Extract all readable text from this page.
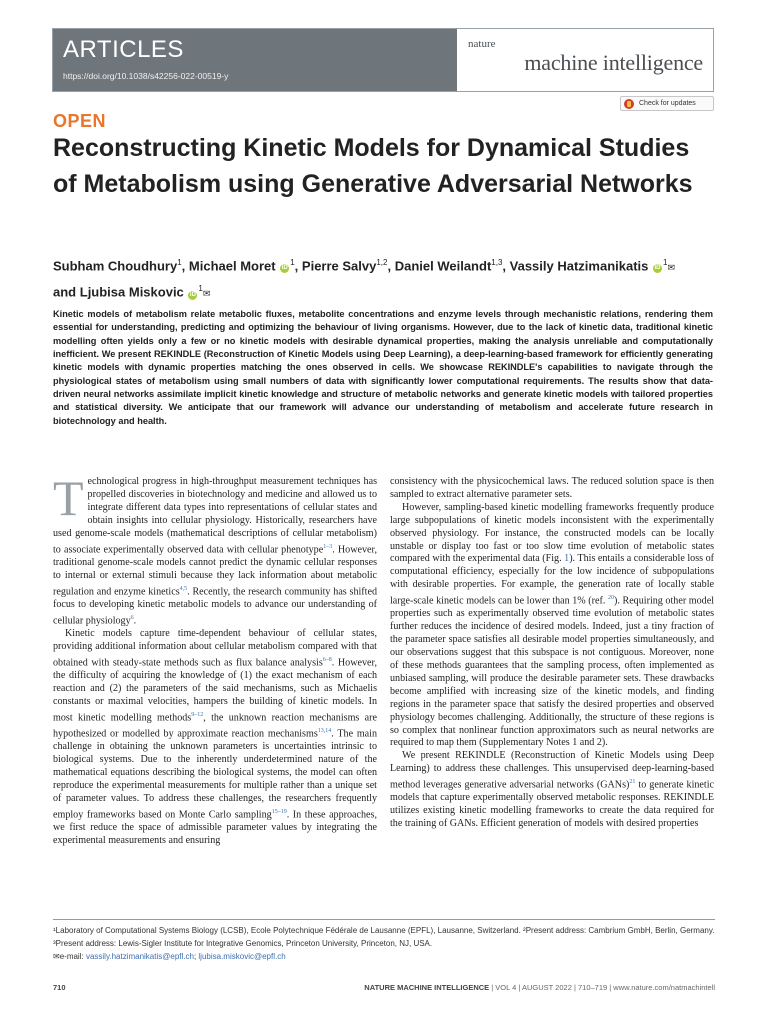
ARTICLES
https://doi.org/10.1038/s42256-022-00519-y
nature
machine intelligence
Check for updates
OPEN
Reconstructing Kinetic Models for Dynamical Studies of Metabolism using Generative Adversarial Networks
Subham Choudhury$^1$, Michael Moret $iD^1$, Pierre Salvy$^{1,2}$, Daniel Weilandt$^{1,3}$, Vassily Hatzimanikatis $iD^1✉$
and Ljubisa Miskovic $iD^1✉$
Kinetic models of metabolism relate metabolic fluxes, metabolite concentrations and enzyme levels through mechanistic relations, rendering them essential for understanding, predicting and optimizing the behaviour of living organisms. However, due to the lack of kinetic data, traditional kinetic modelling often yields only a few or no kinetic models with desirable dynamical properties, making the analysis unreliable and computationally inefficient. We present REKINDLE (Reconstruction of Kinetic Models using Deep Learning), a deep-learning-based framework for efficiently generating kinetic models with dynamic properties matching the ones observed in cells. We showcase REKINDLE's capabilities to navigate through the physiological states of metabolism using small numbers of data with significantly lower computational requirements. The results show that data-driven neural networks assimilate implicit kinetic knowledge and structure of metabolic networks and generate kinetic models with tailored properties and statistical diversity. We anticipate that our framework will advance our understanding of metabolism and accelerate future research in biotechnology and health.

Technological progress in high-throughput measurement techniques has propelled discoveries in biotechnology and medicine and allowed us to integrate different data types into representations of cellular states and obtain insights into cellular physiology. Historically, researchers have used genome-scale models (mathematical descriptions of cellular metabolism) to associate experimentally observed data with cellular phenotype$^{1-3}$. However, traditional genome-scale models cannot predict the dynamic cellular responses to internal or external stimuli because they lack information about metabolic regulation and enzyme kinetics$^{4,5}$. Recently, the research community has shifted focus to developing kinetic metabolic models to advance our understanding of cellular physiology$^6$.

Kinetic models capture time-dependent behaviour of cellular states, providing additional information about cellular metabolism compared with that obtained with steady-state methods such as flux balance analysis$^{6-8}$. However, the difficulty of acquiring the knowledge of (1) the exact mechanism of each reaction and (2) the parameters of the said mechanisms, such as Michaelis constants or maximal velocities, hampers the building of kinetic models. In most kinetic modelling methods$^{9-12}$, the unknown reaction mechanisms are hypothesized or modelled by approximate reaction mechanisms$^{13,14}$. The main challenge in obtaining the unknown parameters is uncertainties intrinsic to biological systems. Due to the inherently underdetermined nature of the mathematical equations describing the biological systems, the model can often reproduce the experimental measurements for multiple rather than a unique set of parameter values. To address these challenges, the researchers frequently employ frameworks based on Monte Carlo sampling$^{15-19}$. In these approaches, we first reduce the space of admissible parameter values by integrating the experimental measurements and ensuring

consistency with the physicochemical laws. The reduced solution space is then sampled to extract alternative parameter sets.

However, sampling-based kinetic modelling frameworks frequently produce large subpopulations of kinetic models inconsistent with the experimentally observed physiology. For instance, the constructed models can be locally unstable or display too fast or too slow time evolution of metabolic states compared with the experimental data (Fig. 1). This entails a considerable loss of computational efficiency, especially for the low incidence of subpopulations with desirable properties. For example, the generation rate of locally stable large-scale kinetic models can be lower than 1% (ref. $^{20}$). Requiring other model properties such as experimentally observed time evolution of metabolic states further reduces the incidence of desired models. Indeed, just a tiny fraction of the parameter space satisfies all desirable model properties simultaneously, and our observations suggest that this subspace is not contiguous. Moreover, none of these methods guarantees that the sampling process, often implemented as unbiased sampling, will produce the desirable parameter sets. These drawbacks become amplified with increasing size of the kinetic models, and finding regions in the parameter space that satisfy the desired properties and observed physiology becomes challenging. Additionally, the structure of these regions is so complex that nonlinear function approximators such as neural networks are required to map them (Supplementary Notes 1 and 2).

We present REKINDLE (Reconstruction of Kinetic Models using Deep Learning) to address these challenges. This unsupervised deep-learning-based method leverages generative adversarial networks (GANs)$^{21}$ to generate kinetic models that capture experimentally observed metabolic responses. REKINDLE utilizes existing kinetic modelling frameworks to create the data required for the training of GANs. Efficient generation of models with desired properties

¹Laboratory of Computational Systems Biology (LCSB), Ecole Polytechnique Fédérale de Lausanne (EPFL), Lausanne, Switzerland. ²Present address: Cambrium GmbH, Berlin, Germany. ³Present address: Lewis-Sigler Institute for Integrative Genomics, Princeton University, Princeton, NJ, USA.
✉e-mail: vassily.hatzimanikatis@epfl.ch; ljubisa.miskovic@epfl.ch
710	NATURE MACHINE INTELLIGENCE | VOL 4 | AUGUST 2022 | 710–719 | www.nature.com/natmachintell
